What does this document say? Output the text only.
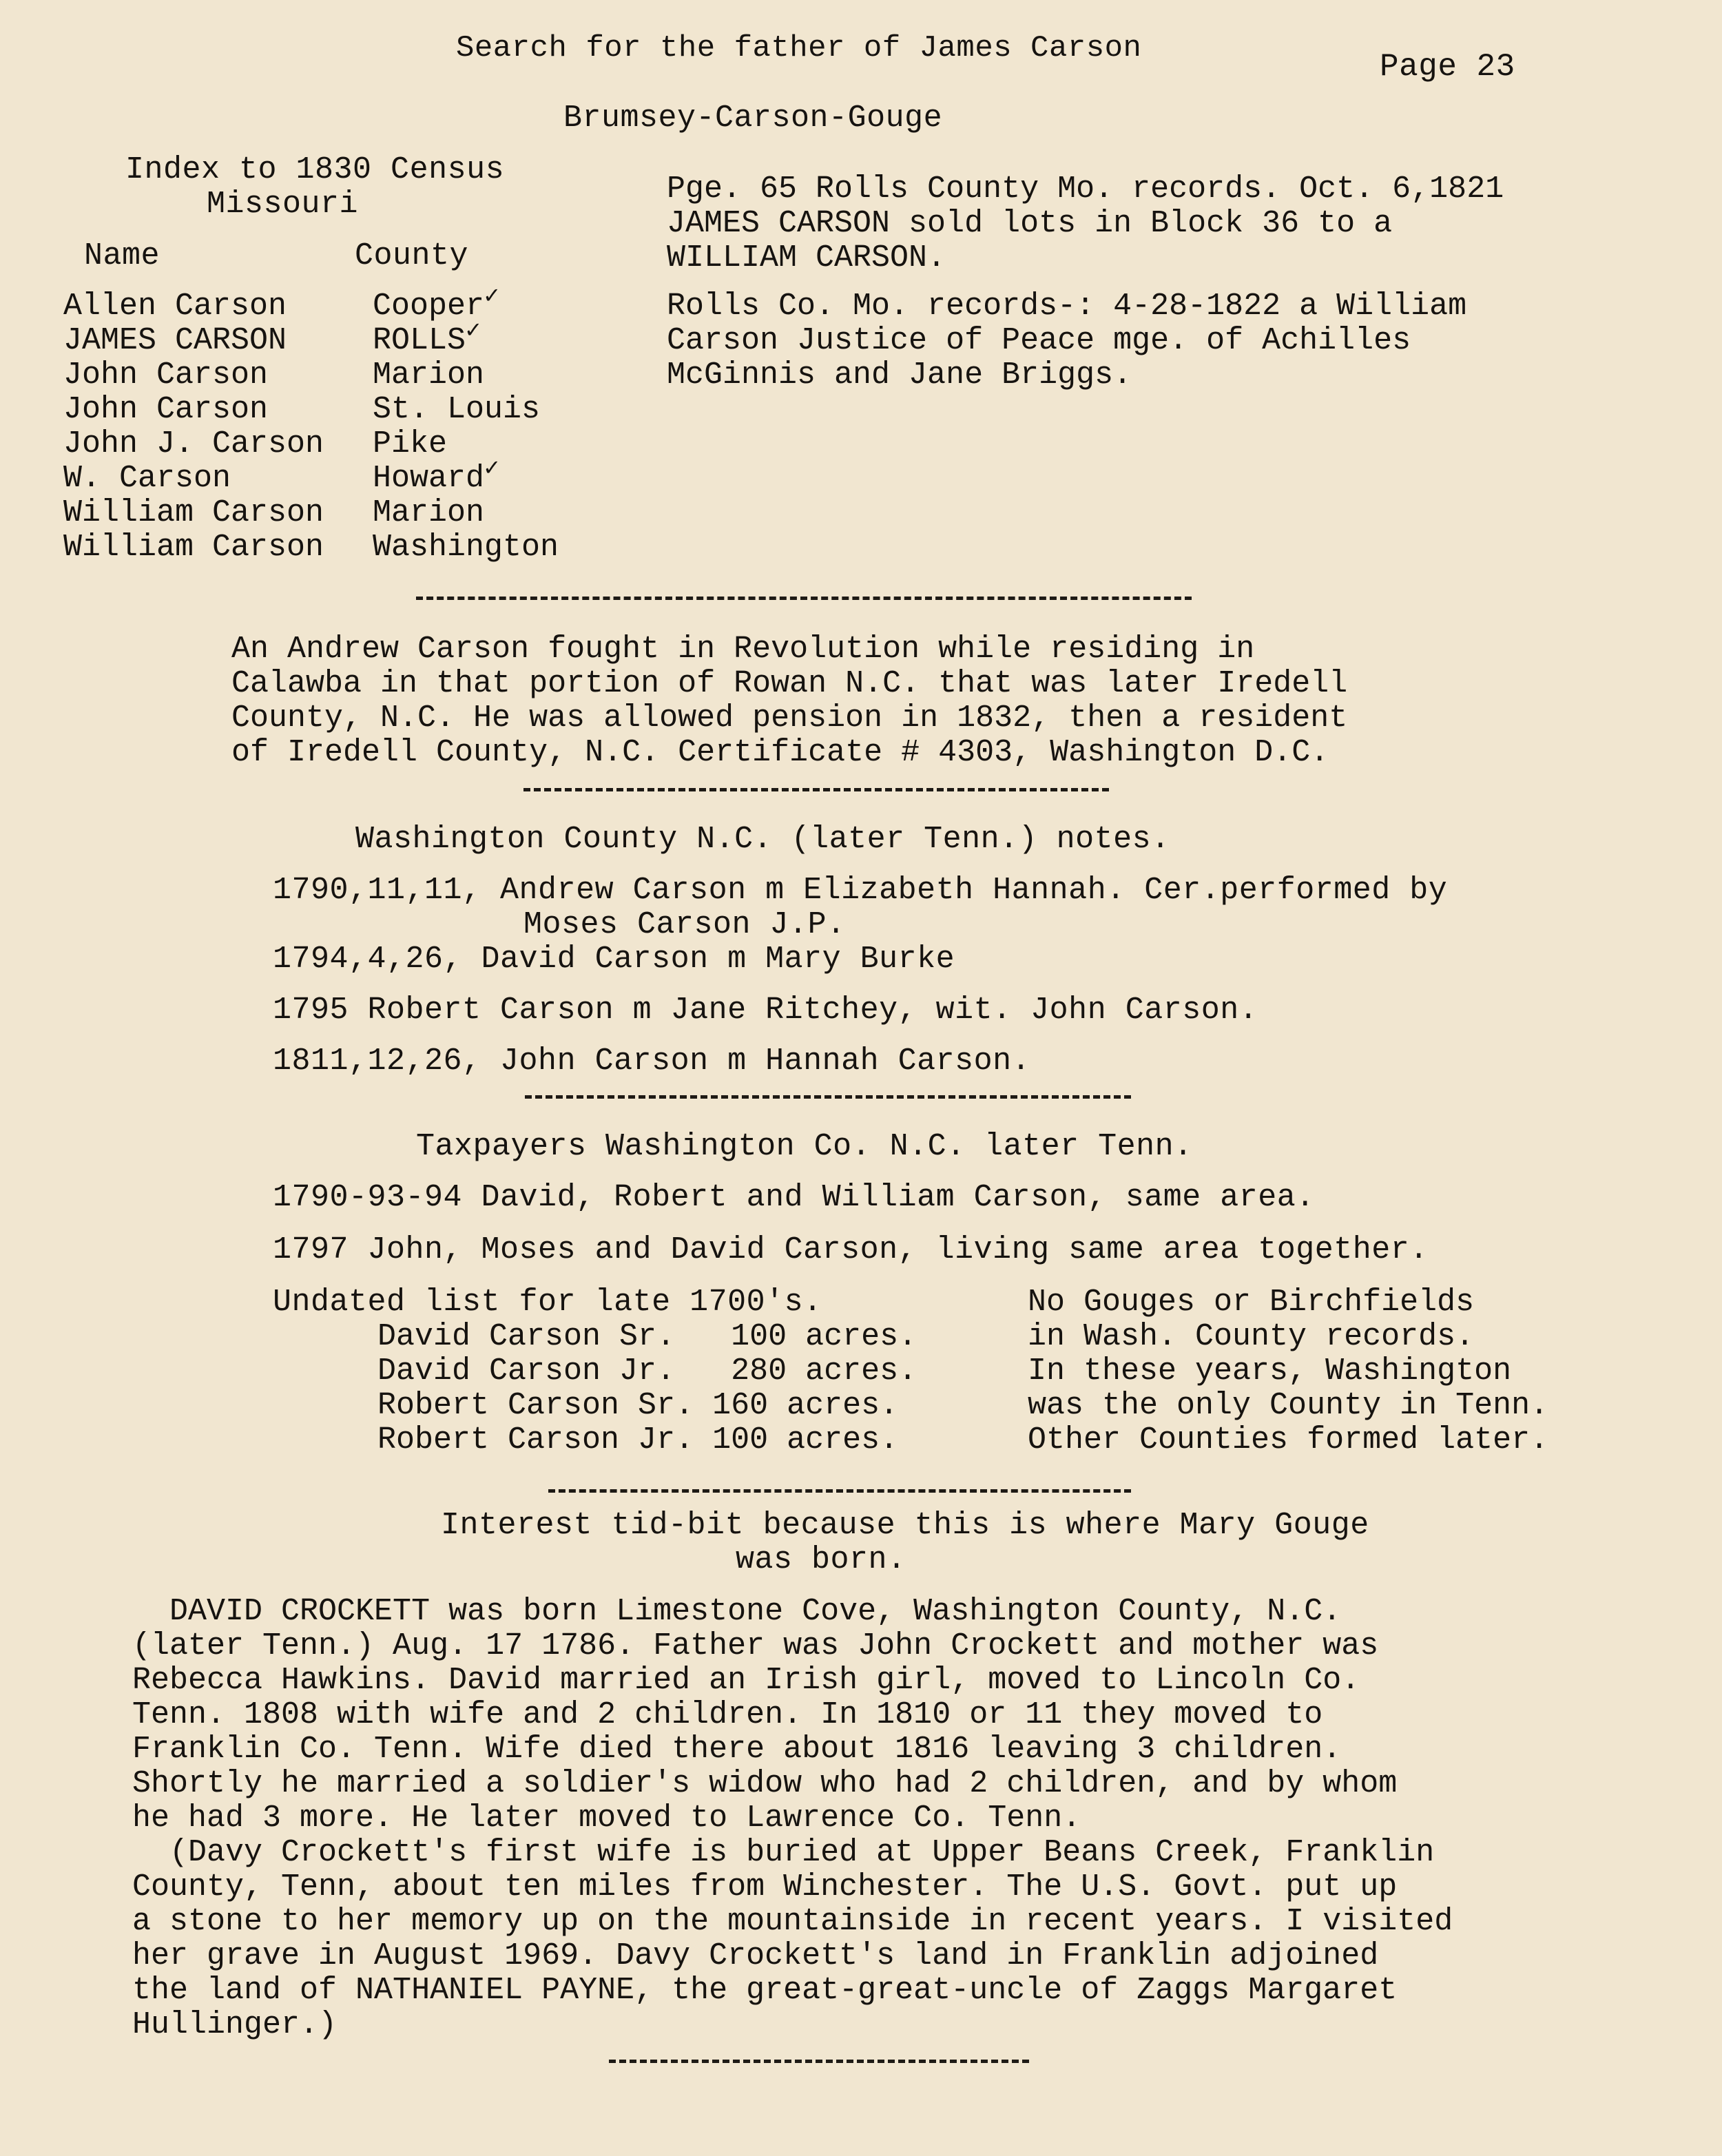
Search for the father of James Carson
Page 23
Brumsey-Carson-Gouge
Index to 1830 Census
Missouri
Name	County
Allen Carson	Cooper✓
JAMES CARSON	ROLLS✓
John Carson	Marion
John Carson	St. Louis
John J. Carson Pike
W. Carson	Howard✓
William Carson Marion
William Carson Washington
Pge. 65 Rolls County Mo. records. Oct. 6,1821
JAMES CARSON sold lots in Block 36 to a
WILLIAM CARSON.
Rolls Co. Mo. records-: 4-28-1822 a William
Carson Justice of Peace mge. of Achilles
McGinnis and Jane Briggs.
An Andrew Carson fought in Revolution while residing in
Calawba in that portion of Rowan N.C. that was later Iredell
County, N.C. He was allowed pension in 1832, then a resident
of Iredell County, N.C. Certificate # 4303, Washington D.C.
Washington County N.C. (later Tenn.) notes.
1790,11,11, Andrew Carson m Elizabeth Hannah. Cer.performed by
Moses Carson J.P.
1794,4,26, David Carson m Mary Burke
1795 Robert Carson m Jane Ritchey, wit. John Carson.
1811,12,26, John Carson m Hannah Carson.
Taxpayers Washington Co. N.C. later Tenn.
1790-93-94 David, Robert and William Carson, same area.
1797 John, Moses and David Carson, living same area together.
Undated list for late 1700's.
David Carson Sr.   100 acres.
David Carson Jr.   280 acres.
Robert Carson Sr. 160 acres.
Robert Carson Jr. 100 acres.
No Gouges or Birchfields
in Wash. County records.
In these years, Washington
was the only County in Tenn.
Other Counties formed later.
Interest tid-bit because this is where Mary Gouge
was born.
DAVID CROCKETT was born Limestone Cove, Washington County, N.C.
(later Tenn.) Aug. 17 1786. Father was John Crockett and mother was
Rebecca Hawkins. David married an Irish girl, moved to Lincoln Co.
Tenn. 1808 with wife and 2 children. In 1810 or 11 they moved to
Franklin Co. Tenn. Wife died there about 1816 leaving 3 children.
Shortly he married a soldier's widow who had 2 children, and by whom
he had 3 more. He later moved to Lawrence Co. Tenn.
(Davy Crockett's first wife is buried at Upper Beans Creek, Franklin
County, Tenn, about ten miles from Winchester. The U.S. Govt. put up
a stone to her memory up on the mountainside in recent years. I visited
her grave in August 1969. Davy Crockett's land in Franklin adjoined
the land of NATHANIEL PAYNE, the great-great-uncle of Zaggs Margaret
Hullinger.)
